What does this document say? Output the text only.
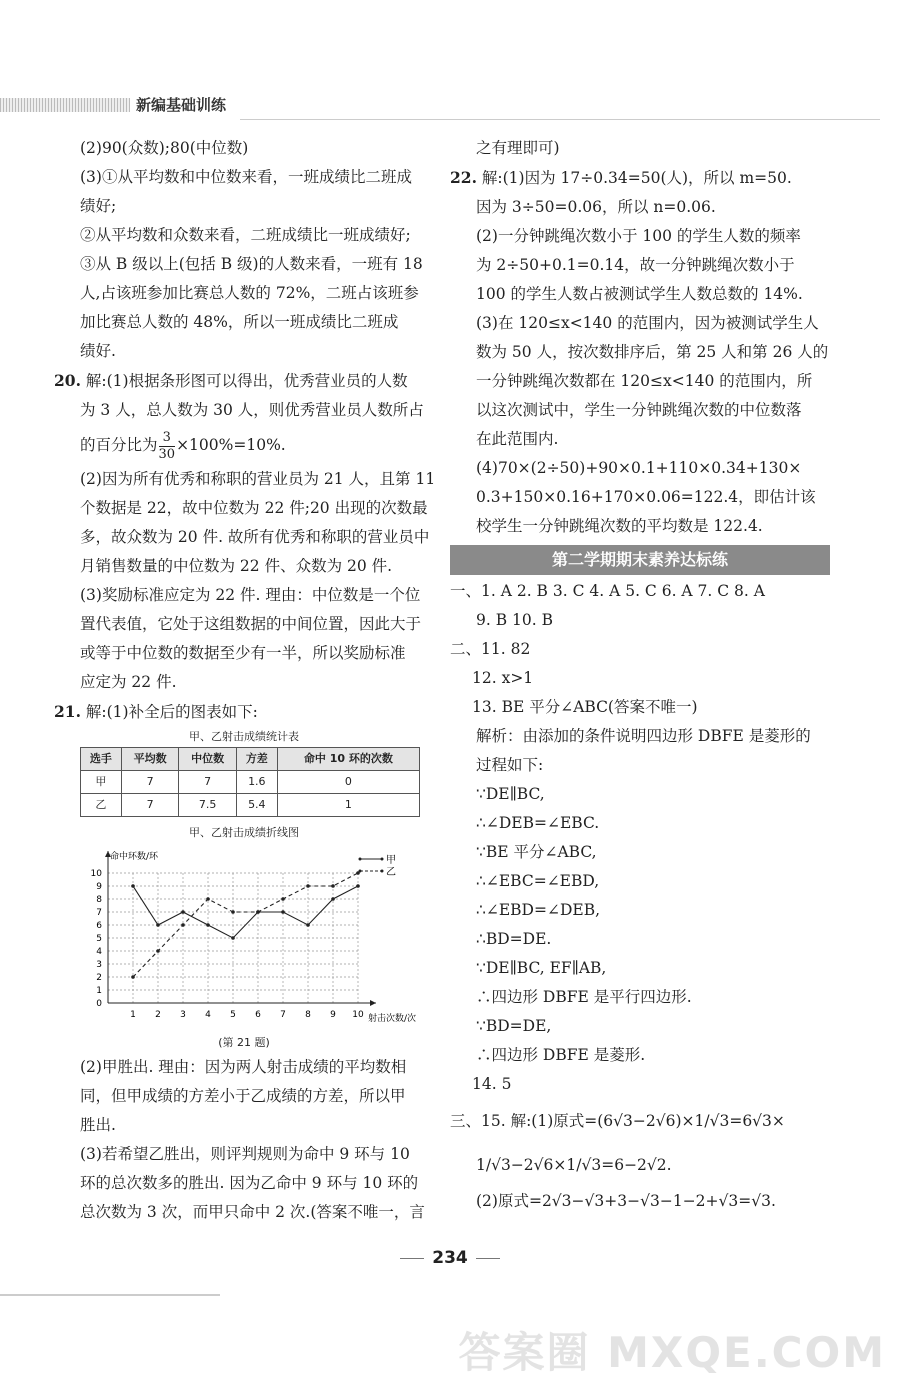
新编基础训练

(2)90(众数);80(中位数)

(3)①从平均数和中位数来看，一班成绩比二班成

绩好;

②从平均数和众数来看，二班成绩比一班成绩好;

③从 B 级以上(包括 B 级)的人数来看，一班有 18

人,占该班参加比赛总人数的 72%，二班占该班参

加比赛总人数的 48%，所以一班成绩比二班成

绩好.

20. 解:(1)根据条形图可以得出，优秀营业员的人数

为 3 人，总人数为 30 人，则优秀营业员人数所占

的百分比为 $\frac{3}{30} \times 100\%=10\%$.

(2)因为所有优秀和称职的营业员为 21 人，且第 11

个数据是 22，故中位数为 22 件;20 出现的次数最

多，故众数为 20 件. 故所有优秀和称职的营业员中

月销售数量的中位数为 22 件、众数为 20 件.

(3)奖励标准应定为 22 件. 理由：中位数是一个位

置代表值，它处于这组数据的中间位置，因此大于

或等于中位数的数据至少有一半，所以奖励标准

应定为 22 件.

21. 解:(1)补全后的图表如下:

甲、乙射击成绩统计表
选手	平均数	中位数	方差	命中 10 环的次数
甲	7	7	1.6	0
乙	7	7.5	5.4	1
甲、乙射击成绩折线图
0
1
2
3
4
5
6
7
8
9
10
1 2 3 4 5 6 7 8 9 10
命中环数/环
射击次数/次
甲
乙
(第 21 题)

(2)甲胜出. 理由：因为两人射击成绩的平均数相

同，但甲成绩的方差小于乙成绩的方差，所以甲

胜出.

(3)若希望乙胜出，则评判规则为命中 9 环与 10

环的总次数多的胜出. 因为乙命中 9 环与 10 环的

总次数为 3 次，而甲只命中 2 次.(答案不唯一，言

之有理即可)

22. 解:(1)因为 17÷0.34=50(人)，所以 m=50.

因为 3÷50=0.06，所以 n=0.06.

(2)一分钟跳绳次数小于 100 的学生人数的频率

为 2÷50+0.1=0.14，故一分钟跳绳次数小于

100 的学生人数占被测试学生人数总数的 14%.

(3)在 120≤x<140 的范围内，因为被测试学生人

数为 50 人，按次数排序后，第 25 人和第 26 人的

一分钟跳绳次数都在 120≤x<140 的范围内，所

以这次测试中，学生一分钟跳绳次数的中位数落

在此范围内.

(4)70×(2÷50)+90×0.1+110×0.34+130×

0.3+150×0.16+170×0.06=122.4，即估计该

校学生一分钟跳绳次数的平均数是 122.4.

第二学期期末素养达标练

一、1. A 2. B 3. C 4. A 5. C 6. A 7. C 8. A

9. B 10. B

二、11. 82

12. x>1

13. BE 平分∠ABC(答案不唯一)

解析：由添加的条件说明四边形 DBFE 是菱形的

过程如下:

∵DE∥BC,

∴∠DEB=∠EBC.

∵BE 平分∠ABC,

∴∠EBC=∠EBD,

∴∠EBD=∠DEB,

∴BD=DE.

∵DE∥BC, EF∥AB,

∴四边形 DBFE 是平行四边形.

∵BD=DE,

∴四边形 DBFE 是菱形.

14. 5

三、15. 解:(1)原式=(6√3−2√6)×1/√3=6√3×

1/√3−2√6×1/√3=6−2√2.

(2)原式=2√3−√3+3−√3−1−2+√3=√3.

234
答案圈 MXQE.COM
